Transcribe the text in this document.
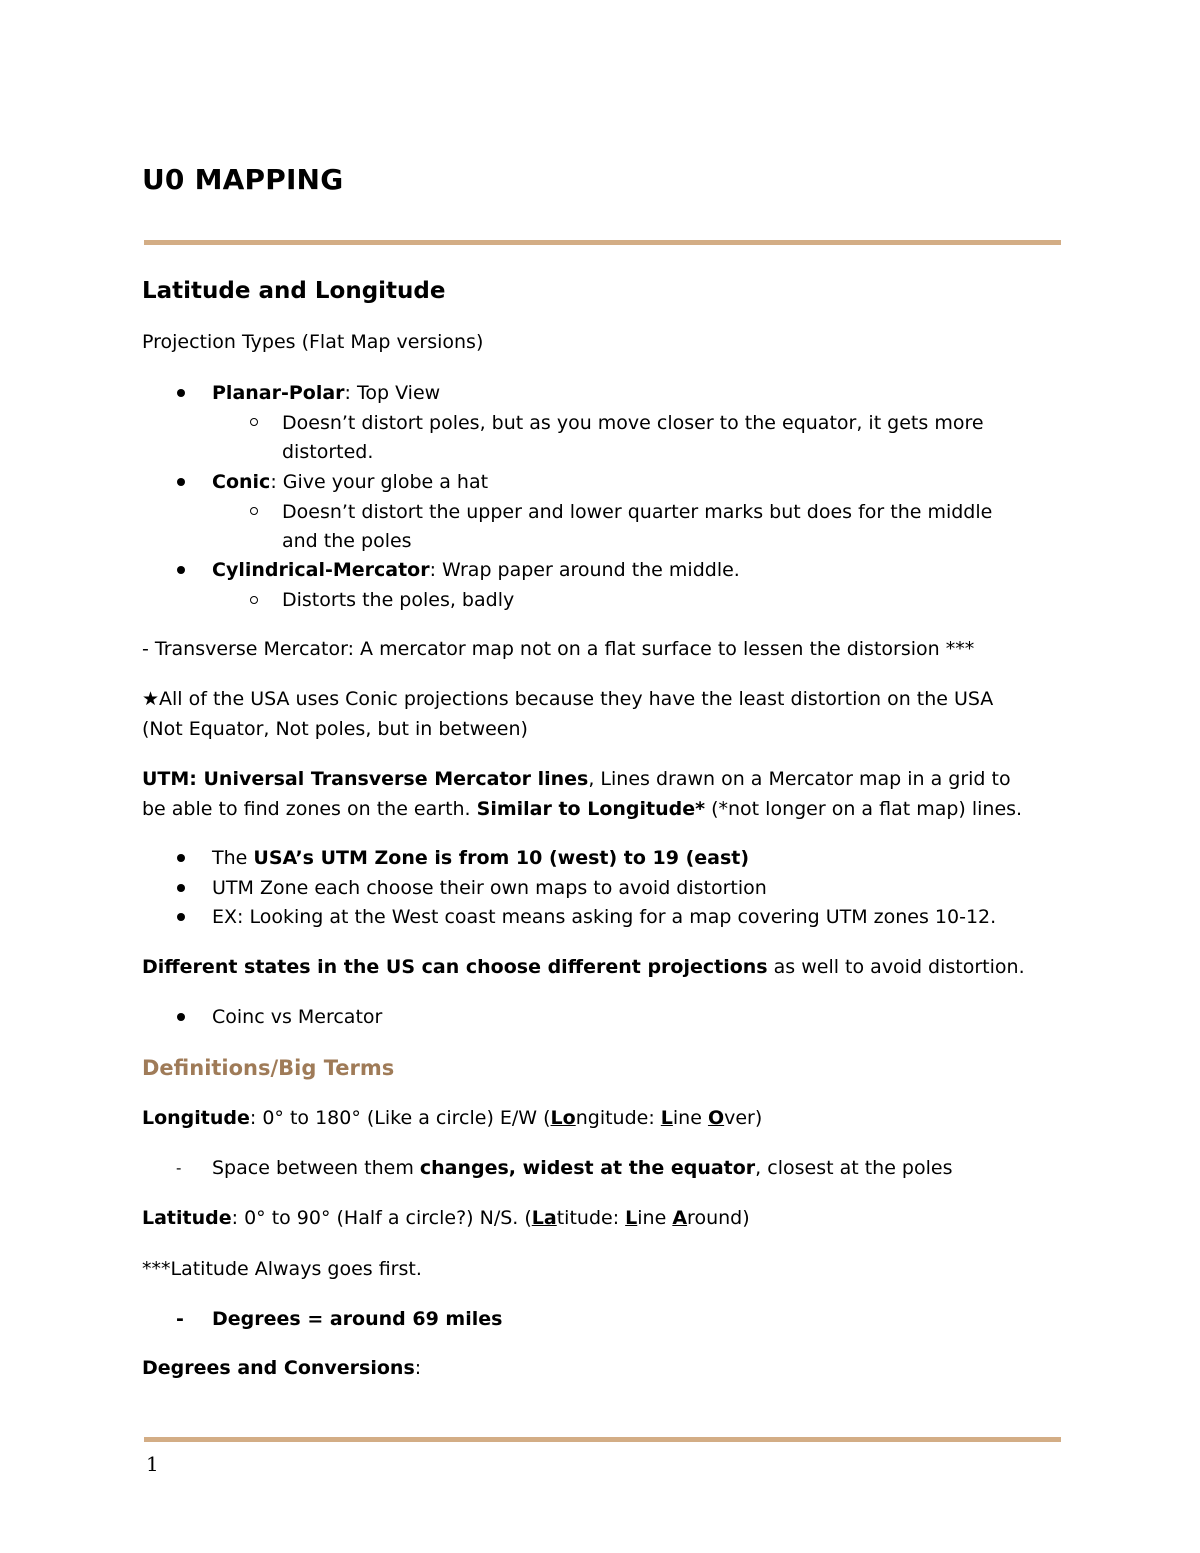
U0 MAPPING
Latitude and Longitude
Projection Types (Flat Map versions)
Planar-Polar: Top View
Doesn’t distort poles, but as you move closer to the equator, it gets more
distorted.
Conic: Give your globe a hat
Doesn’t distort the upper and lower quarter marks but does for the middle
and the poles
Cylindrical-Mercator: Wrap paper around the middle.
Distorts the poles, badly
- Transverse Mercator: A mercator map not on a flat surface to lessen the distorsion ***
★All of the USA uses Conic projections because they have the least distortion on the USA
(Not Equator, Not poles, but in between)
UTM: Universal Transverse Mercator lines, Lines drawn on a Mercator map in a grid to
be able to find zones on the earth. Similar to Longitude* (*not longer on a flat map) lines.
The USA’s UTM Zone is from 10 (west) to 19 (east)
UTM Zone each choose their own maps to avoid distortion
EX: Looking at the West coast means asking for a map covering UTM zones 10-12.
Different states in the US can choose different projections as well to avoid distortion.
Coinc vs Mercator
Definitions/Big Terms
Longitude: 0° to 180° (Like a circle) E/W (Longitude: Line Over)
- Space between them changes, widest at the equator, closest at the poles
Latitude: 0° to 90° (Half a circle?) N/S. (Latitude: Line Around)
***Latitude Always goes first.
- Degrees = around 69 miles
Degrees and Conversions:
1
